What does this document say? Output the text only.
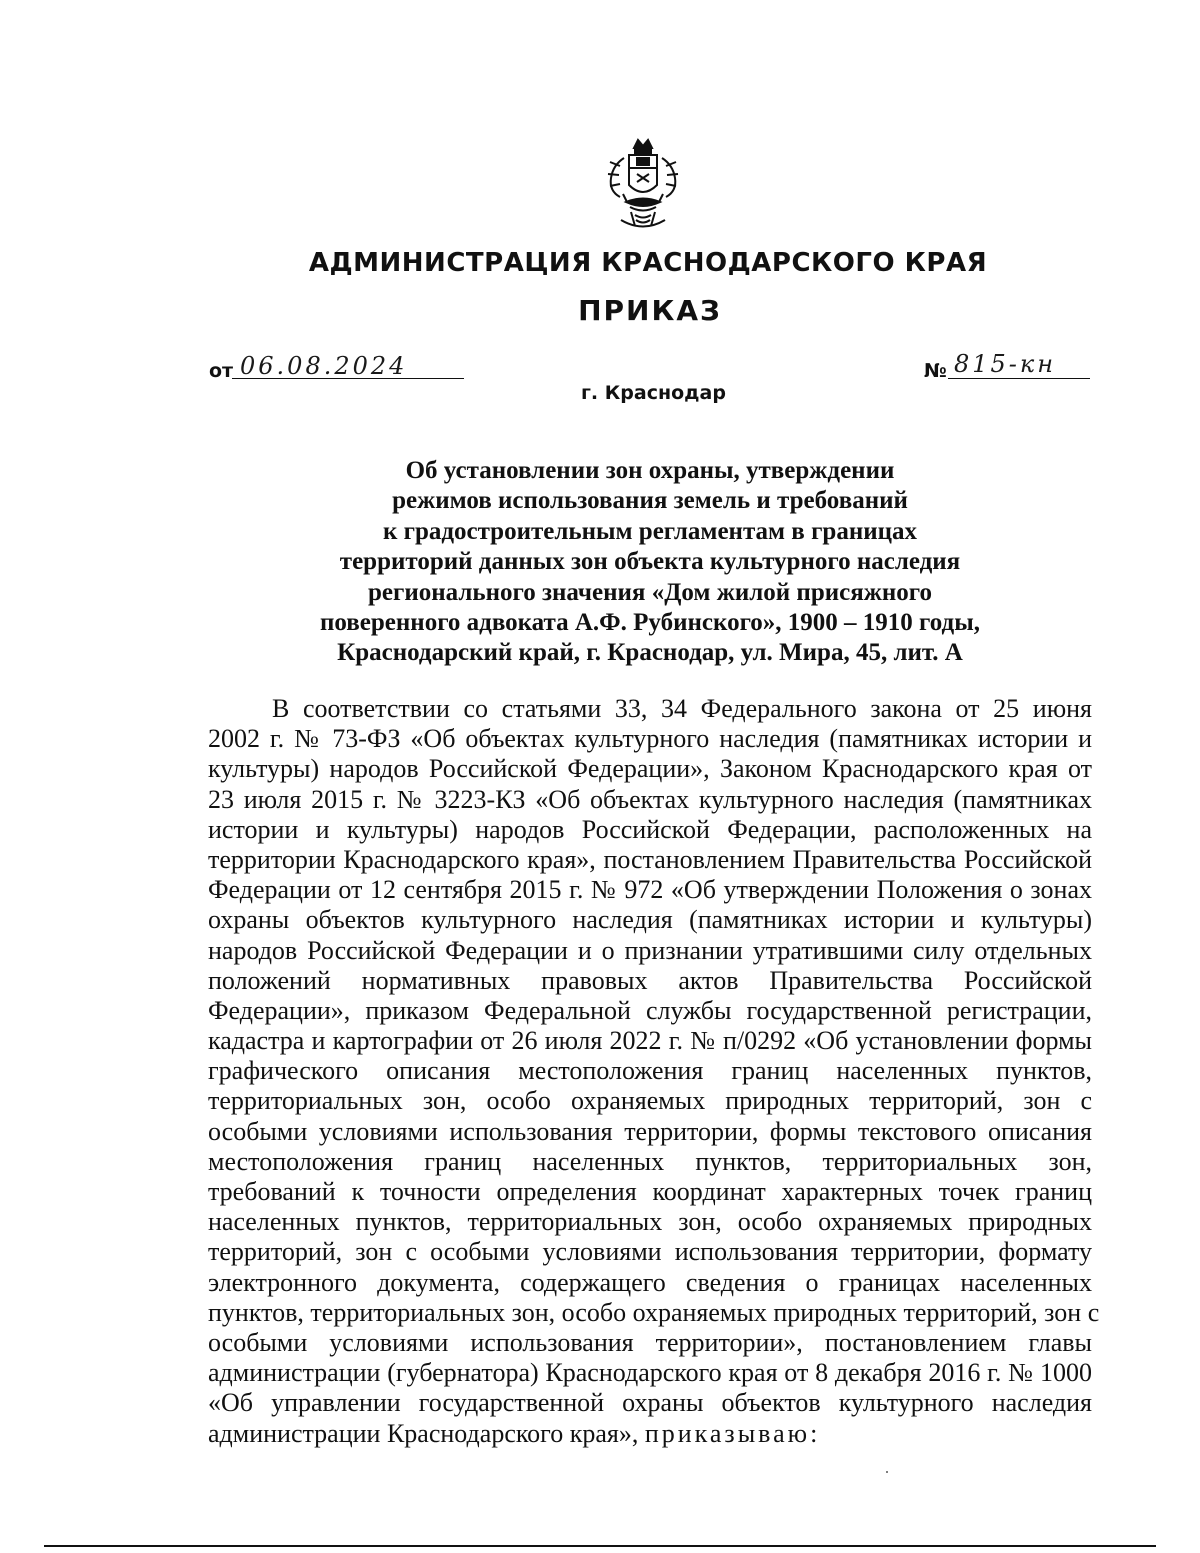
АДМИНИСТРАЦИЯ КРАСНОДАРСКОГО КРАЯ
ПРИКАЗ
от 06.08.2024	№ 815-кн
г. Краснодар
Об установлении зон охраны, утверждении
режимов использования земель и требований
к градостроительным регламентам в границах
территорий данных зон объекта культурного наследия
регионального значения «Дом жилой присяжного
поверенного адвоката А.Ф. Рубинского», 1900 – 1910 годы,
Краснодарский край, г. Краснодар, ул. Мира, 45, лит. А
В соответствии со статьями 33, 34 Федерального закона от 25 июня
2002 г. № 73-ФЗ «Об объектах культурного наследия (памятниках истории и
культуры) народов Российской Федерации», Законом Краснодарского края от
23 июля 2015 г. № 3223-КЗ «Об объектах культурного наследия (памятниках
истории и культуры) народов Российской Федерации, расположенных на
территории Краснодарского края», постановлением Правительства Российской
Федерации от 12 сентября 2015 г. № 972 «Об утверждении Положения о зонах
охраны объектов культурного наследия (памятниках истории и культуры)
народов Российской Федерации и о признании утратившими силу отдельных
положений нормативных правовых актов Правительства Российской
Федерации», приказом Федеральной службы государственной регистрации,
кадастра и картографии от 26 июля 2022 г. № п/0292 «Об установлении формы
графического описания местоположения границ населенных пунктов,
территориальных зон, особо охраняемых природных территорий, зон с
особыми условиями использования территории, формы текстового описания
местоположения границ населенных пунктов, территориальных зон,
требований к точности определения координат характерных точек границ
населенных пунктов, территориальных зон, особо охраняемых природных
территорий, зон с особыми условиями использования территории, формату
электронного документа, содержащего сведения о границах населенных
пунктов, территориальных зон, особо охраняемых природных территорий, зон с
особыми условиями использования территории», постановлением главы
администрации (губернатора) Краснодарского края от 8 декабря 2016 г. № 1000
«Об управлении государственной охраны объектов культурного наследия
администрации Краснодарского края», приказываю:
